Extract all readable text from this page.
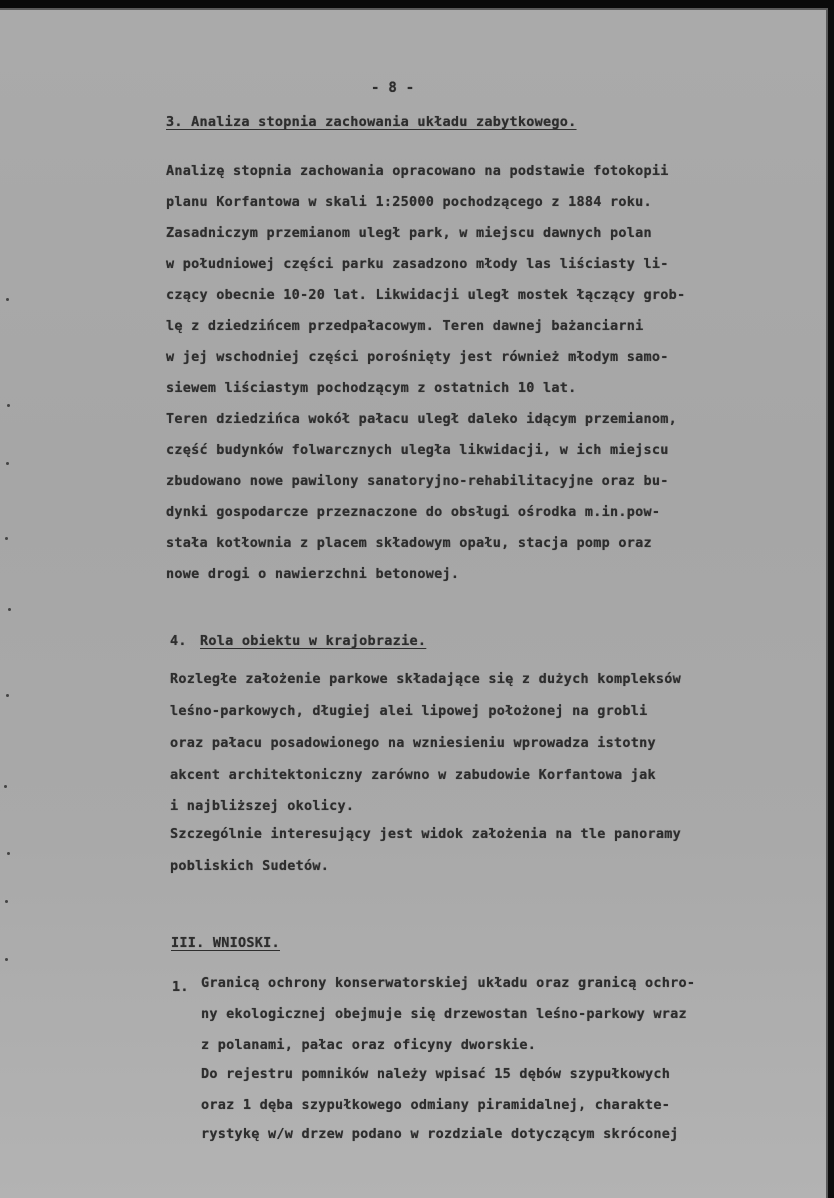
- 8 -
3. Analiza stopnia zachowania układu zabytkowego.
Analizę stopnia zachowania opracowano na podstawie fotokopii
planu Korfantowa w skali 1:25000 pochodzącego z 1884 roku.
Zasadniczym przemianom uległ park, w miejscu dawnych polan
w południowej części parku zasadzono młody las liściasty li-
czący obecnie 10-20 lat. Likwidacji uległ mostek łączący grob-
lę z dziedzińcem przedpałacowym. Teren dawnej bażanciarni
w jej wschodniej części porośnięty jest również młodym samo-
siewem liściastym pochodzącym z ostatnich 10 lat.
Teren dziedzińca wokół pałacu uległ daleko idącym przemianom,
część budynków folwarcznych uległa likwidacji, w ich miejscu
zbudowano nowe pawilony sanatoryjno-rehabilitacyjne oraz bu-
dynki gospodarcze przeznaczone do obsługi ośrodka m.in.pow-
stała kotłownia z placem składowym opału, stacja pomp oraz
nowe drogi o nawierzchni betonowej.
4. Rola obiektu w krajobrazie.
Rozległe założenie parkowe składające się z dużych kompleksów
leśno-parkowych, długiej alei lipowej położonej na grobli
oraz pałacu posadowionego na wzniesieniu wprowadza istotny
akcent architektoniczny zarówno w zabudowie Korfantowa jak
i najbliższej okolicy.
Szczególnie interesujący jest widok założenia na tle panoramy
pobliskich Sudetów.
III. WNIOSKI.
1. Granicą ochrony konserwatorskiej układu oraz granicą ochro-
ny ekologicznej obejmuje się drzewostan leśno-parkowy wraz
z polanami, pałac oraz oficyny dworskie.
Do rejestru pomników należy wpisać 15 dębów szypułkowych
oraz 1 dęba szypułkowego odmiany piramidalnej, charakte-
rystykę w/w drzew podano w rozdziale dotyczącym skróconej
